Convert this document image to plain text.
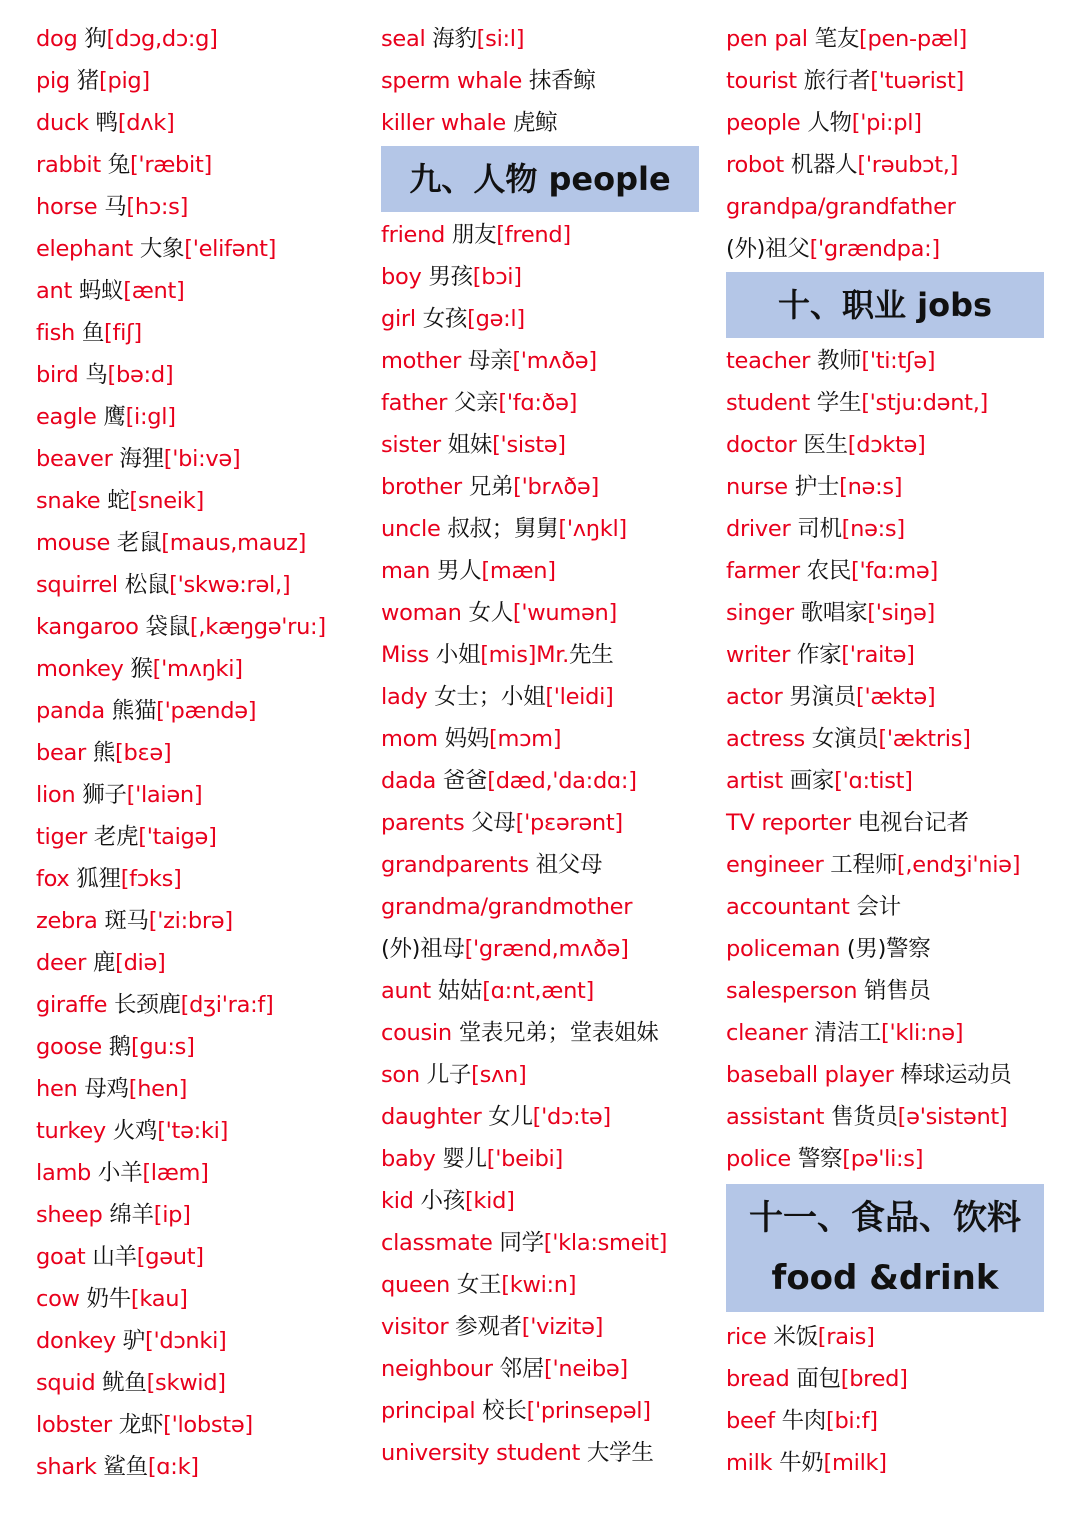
dog 狗[dɔg,dɔ:g]
pig 猪[pig]
duck 鸭[dʌk]
rabbit 兔['ræbit]
horse 马[hɔ:s]
elephant 大象['elifənt]
ant 蚂蚁[ænt]
fish 鱼[fiʃ]
bird 鸟[bə:d]
eagle 鹰[i:gl]
beaver 海狸['bi:və]
snake 蛇[sneik]
mouse 老鼠[maus,mauz]
squirrel 松鼠['skwə:rəl,]
kangaroo 袋鼠[,kæŋgə'ru:]
monkey 猴['mʌŋki]
panda 熊猫['pændə]
bear 熊[bɛə]
lion 狮子['laiən]
tiger 老虎['taigə]
fox 狐狸[fɔks]
zebra 斑马['zi:brə]
deer 鹿[diə]
giraffe 长颈鹿[dʒi'ra:f]
goose 鹅[gu:s]
hen 母鸡[hen]
turkey 火鸡['tə:ki]
lamb 小羊[læm]
sheep 绵羊[ip]
goat 山羊[gəut]
cow 奶牛[kau]
donkey 驴['dɔnki]
squid 鱿鱼[skwid]
lobster 龙虾['lobstə]
shark 鲨鱼[ɑ:k]
seal 海豹[si:l]
sperm whale 抹香鲸
killer whale 虎鲸
九、人物 people
friend 朋友[frend]
boy 男孩[bɔi]
girl 女孩[gə:l]
mother 母亲['mʌðə]
father 父亲['fɑ:ðə]
sister 姐妹['sistə]
brother 兄弟['brʌðə]
uncle 叔叔；舅舅['ʌŋkl]
man 男人[mæn]
woman 女人['wumən]
Miss 小姐[mis]Mr.先生
lady 女士；小姐['leidi]
mom 妈妈[mɔm]
dada 爸爸[dæd,'da:dɑ:]
parents 父母['pɛərənt]
grandparents 祖父母
grandma/grandmother
(外)祖母['grænd,mʌðə]
aunt 姑姑[ɑ:nt,ænt]
cousin 堂表兄弟；堂表姐妹
son 儿子[sʌn]
daughter 女儿['dɔ:tə]
baby 婴儿['beibi]
kid 小孩[kid]
classmate 同学['kla:smeit]
queen 女王[kwi:n]
visitor 参观者['vizitə]
neighbour 邻居['neibə]
principal 校长['prinsepəl]
university student 大学生
pen pal 笔友[pen-pæl]
tourist 旅行者['tuərist]
people 人物['pi:pl]
robot 机器人['rəubɔt,]
grandpa/grandfather
(外)祖父['grændpa:]
十、职业 jobs
teacher 教师['ti:tʃə]
student 学生['stju:dənt,]
doctor 医生[dɔktə]
nurse 护士[nə:s]
driver 司机[nə:s]
farmer 农民['fɑ:mə]
singer 歌唱家['siŋə]
writer 作家['raitə]
actor 男演员['æktə]
actress 女演员['æktris]
artist 画家['ɑ:tist]
TV reporter 电视台记者
engineer 工程师[,endʒi'niə]
accountant 会计
policeman (男)警察
salesperson 销售员
cleaner 清洁工['kli:nə]
baseball player 棒球运动员
assistant 售货员[ə'sistənt]
police 警察[pə'li:s]
十一、食品、饮料
food &drink
rice 米饭[rais]
bread 面包[bred]
beef 牛肉[bi:f]
milk 牛奶[milk]
